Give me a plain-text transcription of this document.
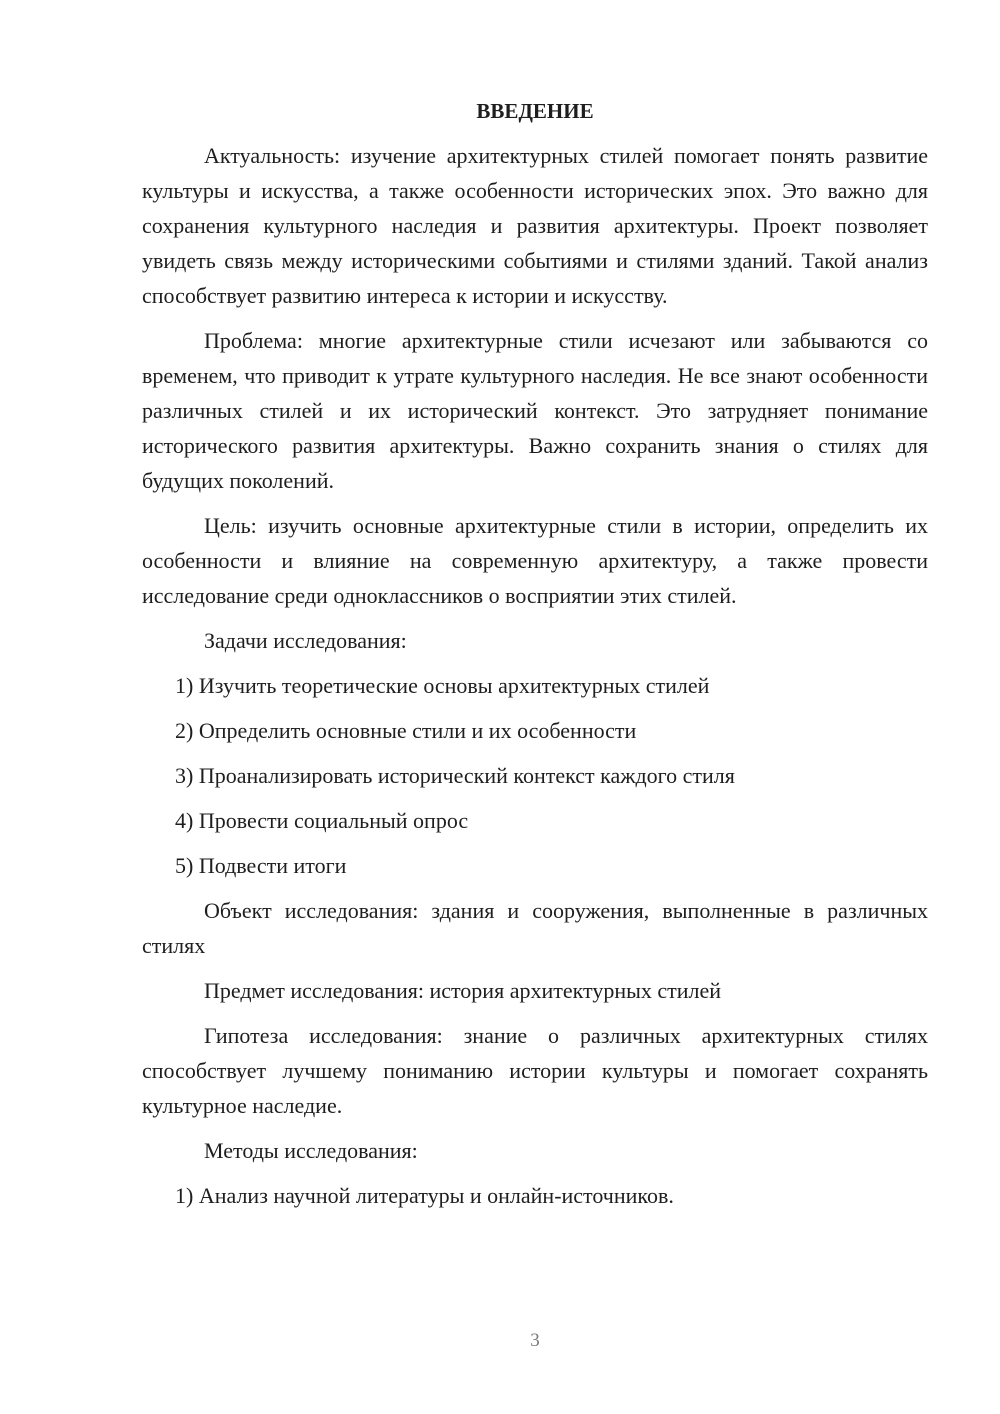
ВВЕДЕНИЕ

Актуальность: изучение архитектурных стилей помогает понять развитие культуры и искусства, а также особенности исторических эпох. Это важно для сохранения культурного наследия и развития архитектуры. Проект позволяет увидеть связь между историческими событиями и стилями зданий. Такой анализ способствует развитию интереса к истории и искусству.

Проблема: многие архитектурные стили исчезают или забываются со временем, что приводит к утрате культурного наследия. Не все знают особенности различных стилей и их исторический контекст. Это затрудняет понимание исторического развития архитектуры. Важно сохранить знания о стилях для будущих поколений.

Цель: изучить основные архитектурные стили в истории, определить их особенности и влияние на современную архитектуру, а также провести исследование среди одноклассников о восприятии этих стилей.

Задачи исследования:

1) Изучить теоретические основы архитектурных стилей

2) Определить основные стили и их особенности

3) Проанализировать исторический контекст каждого стиля

4) Провести социальный опрос

5) Подвести итоги

Объект исследования: здания и сооружения, выполненные в различных стилях

Предмет исследования: история архитектурных стилей

Гипотеза исследования: знание о различных архитектурных стилях способствует лучшему пониманию истории культуры и помогает сохранять культурное наследие.

Методы исследования:

1) Анализ научной литературы и онлайн-источников.

3
